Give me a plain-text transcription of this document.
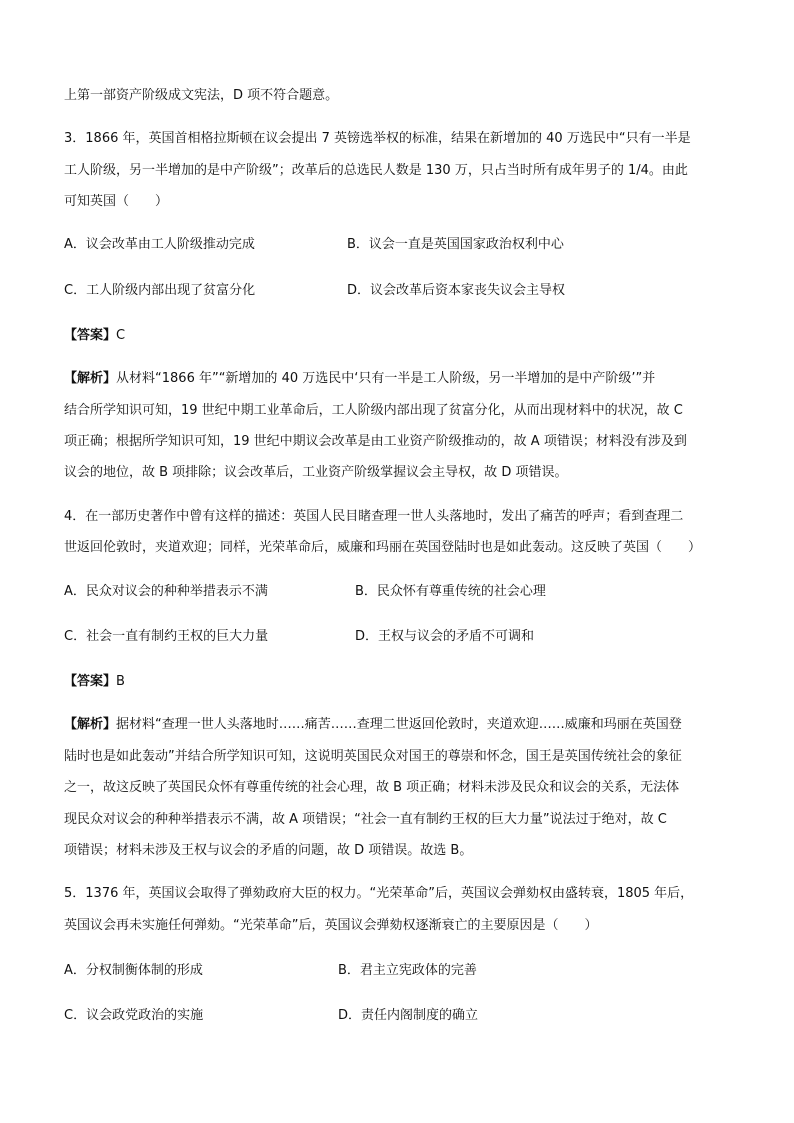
上第一部资产阶级成文宪法，D 项不符合题意。
3．1866 年，英国首相格拉斯顿在议会提出 7 英镑选举权的标准，结果在新增加的 40 万选民中“只有一半是
工人阶级，另一半增加的是中产阶级”；改革后的总选民人数是 130 万，只占当时所有成年男子的 1/4。由此
可知英国（　　）
A．议会改革由工人阶级推动完成	B．议会一直是英国国家政治权利中心
C．工人阶级内部出现了贫富分化	D．议会改革后资本家丧失议会主导权
【答案】C
【解析】从材料“1866 年”“新增加的 40 万选民中‘只有一半是工人阶级，另一半增加的是中产阶级’”并
结合所学知识可知，19 世纪中期工业革命后，工人阶级内部出现了贫富分化，从而出现材料中的状况，故 C
项正确；根据所学知识可知，19 世纪中期议会改革是由工业资产阶级推动的，故 A 项错误；材料没有涉及到
议会的地位，故 B 项排除；议会改革后，工业资产阶级掌握议会主导权，故 D 项错误。
4．在一部历史著作中曾有这样的描述：英国人民目睹查理一世人头落地时，发出了痛苦的呼声；看到查理二
世返回伦敦时，夹道欢迎；同样，光荣革命后，威廉和玛丽在英国登陆时也是如此轰动。这反映了英国（　　）
A．民众对议会的种种举措表示不满	B．民众怀有尊重传统的社会心理
C．社会一直有制约王权的巨大力量	D．王权与议会的矛盾不可调和
【答案】B
【解析】据材料“查理一世人头落地时……痛苦……查理二世返回伦敦时，夹道欢迎……威廉和玛丽在英国登
陆时也是如此轰动”并结合所学知识可知，这说明英国民众对国王的尊崇和怀念，国王是英国传统社会的象征
之一，故这反映了英国民众怀有尊重传统的社会心理，故 B 项正确；材料未涉及民众和议会的关系，无法体
现民众对议会的种种举措表示不满，故 A 项错误；“社会一直有制约王权的巨大力量”说法过于绝对，故 C
项错误；材料未涉及王权与议会的矛盾的问题，故 D 项错误。故选 B。
5．1376 年，英国议会取得了弹劾政府大臣的权力。“光荣革命”后，英国议会弹劾权由盛转衰，1805 年后，
英国议会再未实施任何弹劾。“光荣革命”后，英国议会弹劾权逐渐衰亡的主要原因是（　　）
A．分权制衡体制的形成	B．君主立宪政体的完善
C．议会政党政治的实施	D．责任内阁制度的确立
